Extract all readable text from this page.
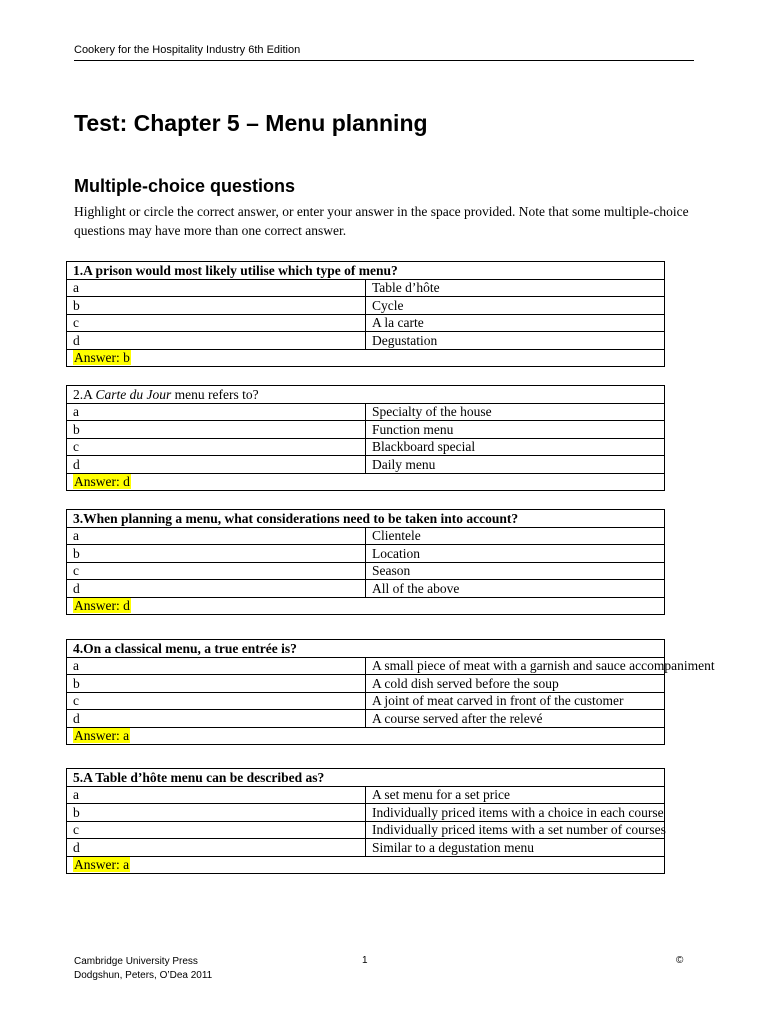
Cookery for the Hospitality Industry 6th Edition
Test: Chapter 5 – Menu planning
Multiple-choice questions

Highlight or circle the correct answer, or enter your answer in the space provided. Note that some multiple-choice questions may have more than one correct answer.

1.A prison would most likely utilise which type of menu?	
a	Table d’hôte
b	Cycle
c	A la carte
d	Degustation
Answer: b	
2.A Carte du Jour menu refers to?	
a	Specialty of the house
b	Function menu
c	Blackboard special
d	Daily menu
Answer: d	
3.When planning a menu, what considerations need to be taken into account?	
a	Clientele
b	Location
c	Season
d	All of the above
Answer: d	
4.On a classical menu, a true entrée is?	
a	A small piece of meat with a garnish and sauce accompaniment
b	A cold dish served before the soup
c	A joint of meat carved in front of the customer
d	A course served after the relevé
Answer: a	
5.A Table d’hôte menu can be described as?	
a	A set menu for a set price
b	Individually priced items with a choice in each course
c	Individually priced items with a set number of courses
d	Similar to a degustation menu
Answer: a	
Cambridge University Press
Dodgshun, Peters, O’Dea 2011
1	©
